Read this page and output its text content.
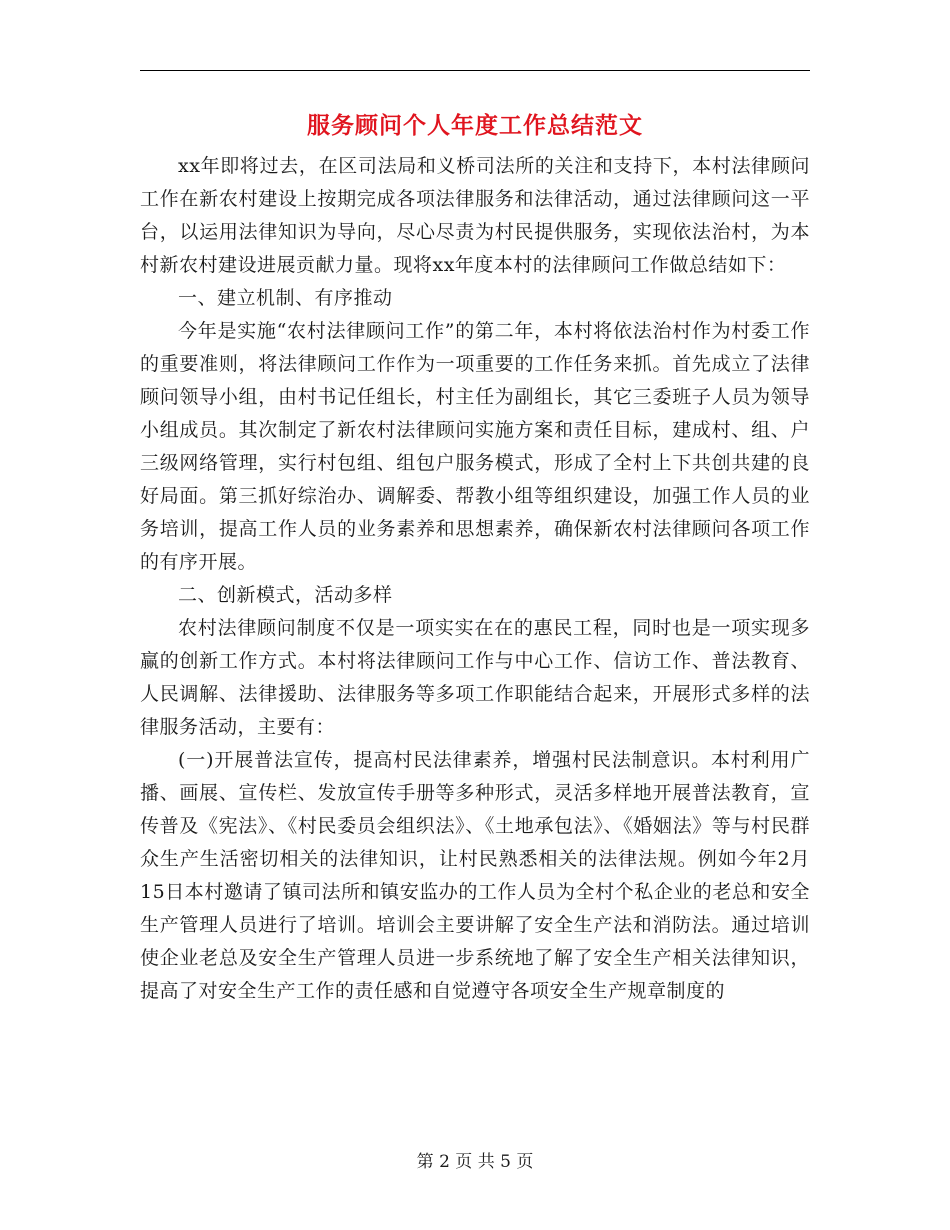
服务顾问个人年度工作总结范文

xx年即将过去，在区司法局和义桥司法所的关注和支持下，本村法律顾问工作在新农村建设上按期完成各项法律服务和法律活动，通过法律顾问这一平台，以运用法律知识为导向，尽心尽责为村民提供服务，实现依法治村，为本村新农村建设进展贡献力量。现将xx年度本村的法律顾问工作做总结如下：

一、建立机制、有序推动

今年是实施“农村法律顾问工作”的第二年，本村将依法治村作为村委工作的重要准则，将法律顾问工作作为一项重要的工作任务来抓。首先成立了法律顾问领导小组，由村书记任组长，村主任为副组长，其它三委班子人员为领导小组成员。其次制定了新农村法律顾问实施方案和责任目标，建成村、组、户三级网络管理，实行村包组、组包户服务模式，形成了全村上下共创共建的良好局面。第三抓好综治办、调解委、帮教小组等组织建设，加强工作人员的业务培训，提高工作人员的业务素养和思想素养，确保新农村法律顾问各项工作的有序开展。

二、创新模式，活动多样

农村法律顾问制度不仅是一项实实在在的惠民工程，同时也是一项实现多赢的创新工作方式。本村将法律顾问工作与中心工作、信访工作、普法教育、人民调解、法律援助、法律服务等多项工作职能结合起来，开展形式多样的法律服务活动，主要有：

(一)开展普法宣传，提高村民法律素养，增强村民法制意识。本村利用广播、画展、宣传栏、发放宣传手册等多种形式，灵活多样地开展普法教育，宣传普及《宪法》、《村民委员会组织法》、《土地承包法》、《婚姻法》等与村民群众生产生活密切相关的法律知识，让村民熟悉相关的法律法规。例如今年2月15日本村邀请了镇司法所和镇安监办的工作人员为全村个私企业的老总和安全生产管理人员进行了培训。培训会主要讲解了安全生产法和消防法。通过培训使企业老总及安全生产管理人员进一步系统地了解了安全生产相关法律知识，提高了对安全生产工作的责任感和自觉遵守各项安全生产规章制度的

第 2 页 共 5 页
